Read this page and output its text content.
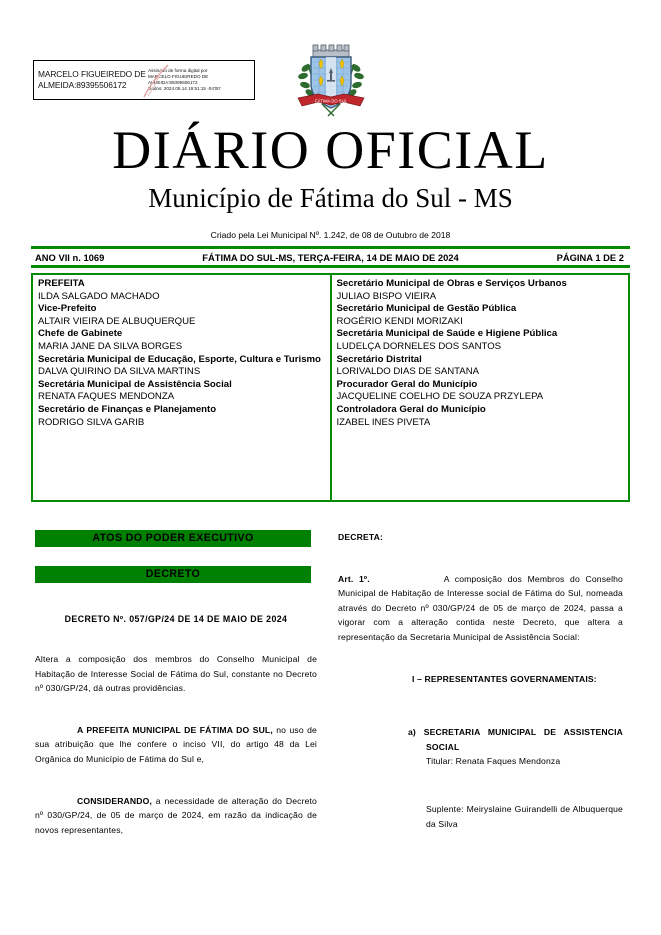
MARCELO FIGUEIREDO DE
ALMEIDA:89395506172
Assinado de forma digital por
MARCELO FIGUEIREDO DE
ALMEIDA:89395506172
Dados: 2024.05.14 19:51:15 -04'00'
FÁTIMA DO SUL
DIÁRIO OFICIAL
Município de Fátima do Sul - MS
Criado pela Lei Municipal Nº. 1.242, de 08 de Outubro de 2018
FÁTIMA DO SUL-MS, TERÇA-FEIRA, 14 DE MAIO DE 2024
ANO VII n. 1069	PÁGINA 1 DE 2
PREFEITA
ILDA SALGADO MACHADO
Vice-Prefeito
ALTAIR VIEIRA DE ALBUQUERQUE
Chefe de Gabinete
MARIA JANE DA SILVA BORGES
Secretária Municipal de Educação, Esporte, Cultura e Turismo
DALVA QUIRINO DA SILVA MARTINS
Secretária Municipal de Assistência Social
RENATA FAQUES MENDONZA
Secretário de Finanças e Planejamento
RODRIGO SILVA GARIB
Secretário Municipal de Obras e Serviços Urbanos
JULIAO BISPO VIEIRA
Secretário Municipal de Gestão Pública
ROGÉRIO KENDI MORIZAKI
Secretária Municipal de Saúde e Higiene Pública
LUDELÇA DORNELES DOS SANTOS
Secretário Distrital
LORIVALDO DIAS DE SANTANA
Procurador Geral do Município
JACQUELINE COELHO DE SOUZA PRZYLEPA
Controladora Geral do Município
IZABEL INES PIVETA
ATOS DO PODER EXECUTIVO
DECRETO
DECRETO Nº. 057/GP/24 DE 14 DE MAIO DE 2024

Altera a composição dos membros do Conselho Municipal de Habitação de Interesse Social de Fátima do Sul, constante no Decreto nº 030/GP/24, dá outras providências.

A PREFEITA MUNICIPAL DE FÁTIMA DO SUL, no uso de sua atribuição que lhe confere o inciso VII, do artigo 48 da Lei Orgânica do Município de Fátima do Sul e,

CONSIDERANDO, a necessidade de alteração do Decreto nº 030/GP/24, de 05 de março de 2024, em razão da indicação de novos representantes,

DECRETA:

Art. 1º.	A composição dos Membros do Conselho Municipal de Habitação de Interesse social de Fátima do Sul, nomeada através do Decreto nº 030/GP/24 de 05 de março de 2024, passa a vigorar com a alteração contida neste Decreto, que altera a representação da Secretaria Municipal de Assistência Social:

I – REPRESENTANTES GOVERNAMENTAIS:

a) SECRETARIA MUNICIPAL DE ASSISTENCIA SOCIAL
Titular: Renata Faques Mendonza

Suplente: Meiryslaine Guirandelli de Albuquerque da Silva
